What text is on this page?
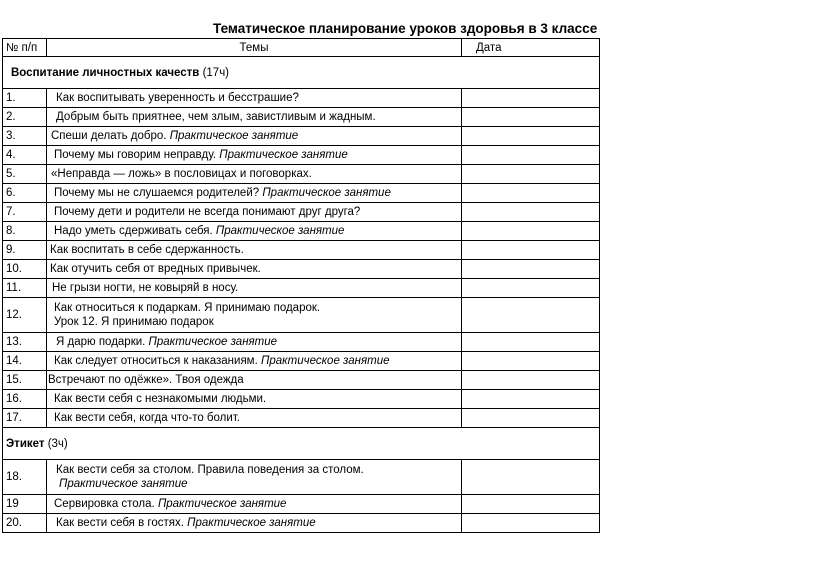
Тематическое планирование уроков здоровья в 3 классе
№ п/п	Темы	Дата
Воспитание личностных качеств (17ч)		
1.	Как воспитывать уверенность и бесстрашие?	
2.	Добрым быть приятнее, чем злым, завистливым и жадным.	
3.	Спеши делать добро. Практическое занятие	
4.	Почему мы говорим неправду. Практическое занятие	
5.	«Неправда — ложь» в пословицах и поговорках.	
6.	Почему мы не слушаемся родителей? Практическое занятие	
7.	Почему дети и родители не всегда понимают друг друга?	
8.	Надо уметь сдерживать себя. Практическое занятие	
9.	Как воспитать в себе сдержанность.	
10.	Как отучить себя от вредных привычек.	
11.	Не грызи ногти, не ковыряй в носу.	
12.	Как относиться к подаркам. Я принимаю подарок.
Урок 12. Я принимаю подарок	

13.	Я дарю подарки. Практическое занятие	
14.	Как следует относиться к наказаниям. Практическое занятие	
15.	Встречают по одёжке». Твоя одежда	
16.	Как вести себя с незнакомыми людьми.	
17.	Как вести себя, когда что-то болит.	
Этикет (3ч)		
18.	Как вести себя за столом. Правила поведения за столом.
Практическое занятие	

19	Сервировка стола. Практическое занятие	
20.	Как вести себя в гостях. Практическое занятие	
